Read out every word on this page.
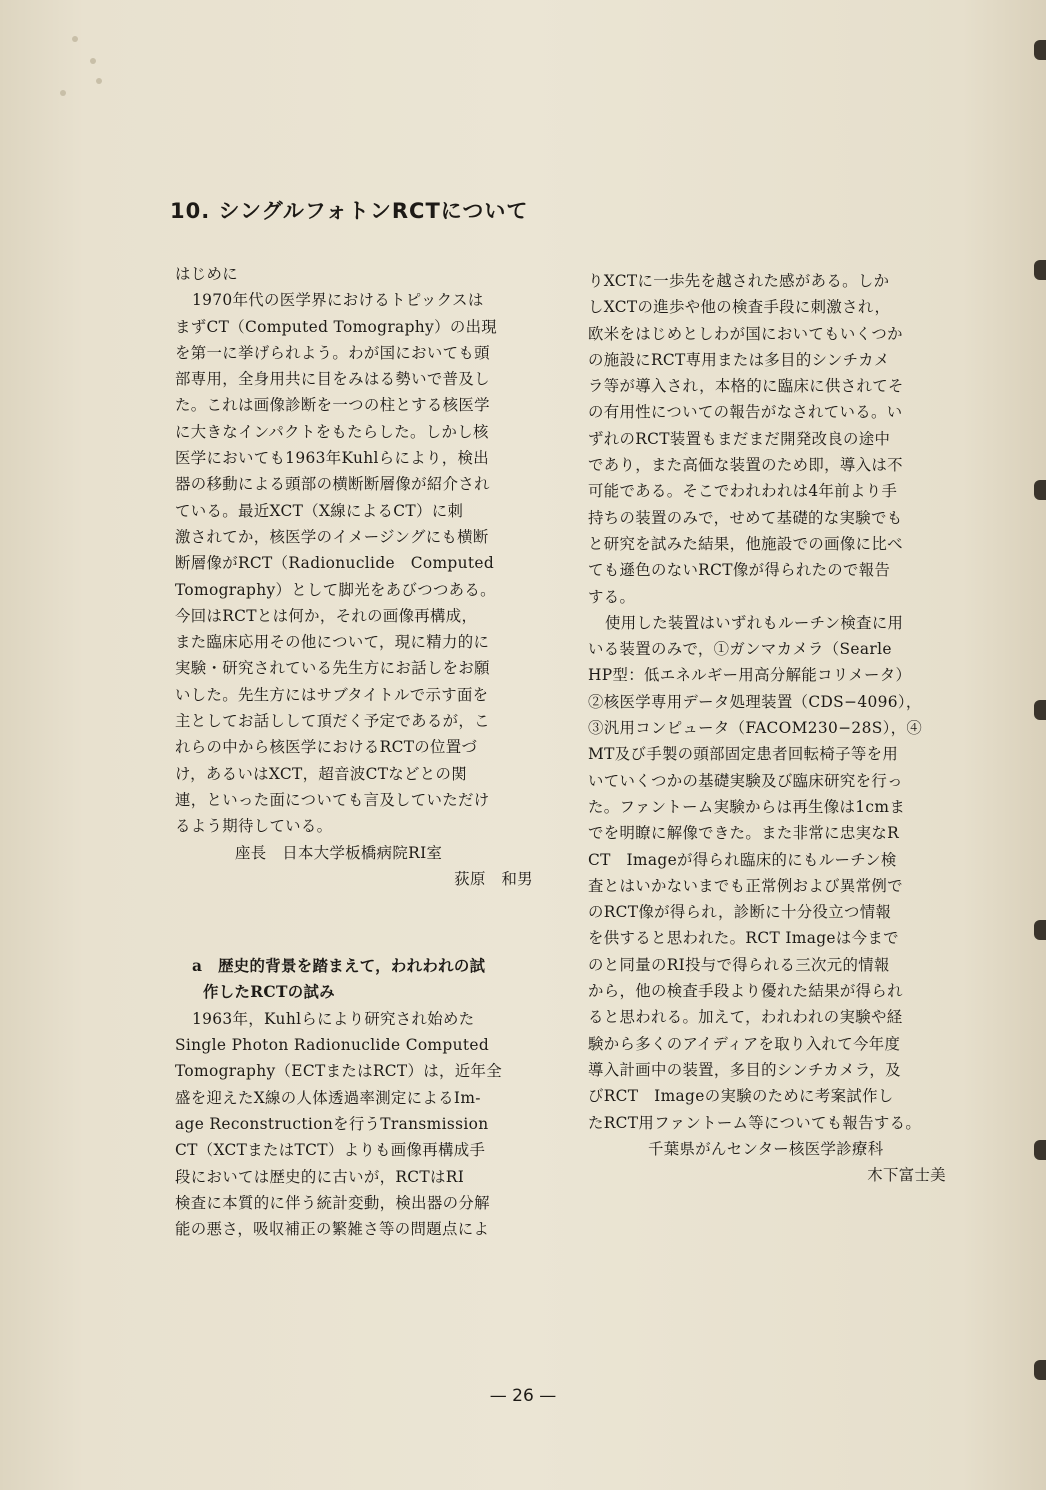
10. シングルフォトンRCTについて
はじめに
1970年代の医学界におけるトピックスは
まずCT（Computed Tomography）の出現
を第一に挙げられよう。わが国においても頭
部専用，全身用共に目をみはる勢いで普及し
た。これは画像診断を一つの柱とする核医学
に大きなインパクトをもたらした。しかし核
医学においても1963年Kuhlらにより，検出
器の移動による頭部の横断断層像が紹介され
ている。最近XCT（X線によるCT）に刺
激されてか，核医学のイメージングにも横断
断層像がRCT（Radionuclide　Computed
Tomography）として脚光をあびつつある。
今回はRCTとは何か，それの画像再構成，
また臨床応用その他について，現に精力的に
実験・研究されている先生方にお話しをお願
いした。先生方にはサブタイトルで示す面を
主としてお話しして頂だく予定であるが，こ
れらの中から核医学におけるRCTの位置づ
け，あるいはXCT，超音波CTなどとの関
連，といった面についても言及していただけ
るよう期待している。
座長　日本大学板橋病院RI室
荻原　和男
a　歴史的背景を踏まえて，われわれの試
作したRCTの試み
1963年，Kuhlらにより研究され始めた
Single Photon Radionuclide Computed
Tomography（ECTまたはRCT）は，近年全
盛を迎えたX線の人体透過率測定によるIm-
age Reconstructionを行うTransmission
CT（XCTまたはTCT）よりも画像再構成手
段においては歴史的に古いが，RCTはRI
検査に本質的に伴う統計変動，検出器の分解
能の悪さ，吸収補正の繁雑さ等の問題点によ
りXCTに一歩先を越された感がある。しか
しXCTの進歩や他の検査手段に刺激され，
欧米をはじめとしわが国においてもいくつか
の施設にRCT専用または多目的シンチカメ
ラ等が導入され，本格的に臨床に供されてそ
の有用性についての報告がなされている。い
ずれのRCT装置もまだまだ開発改良の途中
であり，また高価な装置のため即，導入は不
可能である。そこでわれわれは4年前より手
持ちの装置のみで，せめて基礎的な実験でも
と研究を試みた結果，他施設での画像に比べ
ても遜色のないRCT像が得られたので報告
する。
使用した装置はいずれもルーチン検査に用
いる装置のみで，①ガンマカメラ（Searle
HP型：低エネルギー用高分解能コリメータ）
②核医学専用データ処理装置（CDS−4096），
③汎用コンピュータ（FACOM230−28S），④
MT及び手製の頭部固定患者回転椅子等を用
いていくつかの基礎実験及び臨床研究を行っ
た。ファントーム実験からは再生像は1cmま
でを明瞭に解像できた。また非常に忠実なR
CT　Imageが得られ臨床的にもルーチン検
査とはいかないまでも正常例および異常例で
のRCT像が得られ，診断に十分役立つ情報
を供すると思われた。RCT Imageは今まで
のと同量のRI投与で得られる三次元的情報
から，他の検査手段より優れた結果が得られ
ると思われる。加えて，われわれの実験や経
験から多くのアイディアを取り入れて今年度
導入計画中の装置，多目的シンチカメラ，及
びRCT　Imageの実験のために考案試作し
たRCT用ファントーム等についても報告する。
千葉県がんセンター核医学診療科
木下富士美
— 26 —
